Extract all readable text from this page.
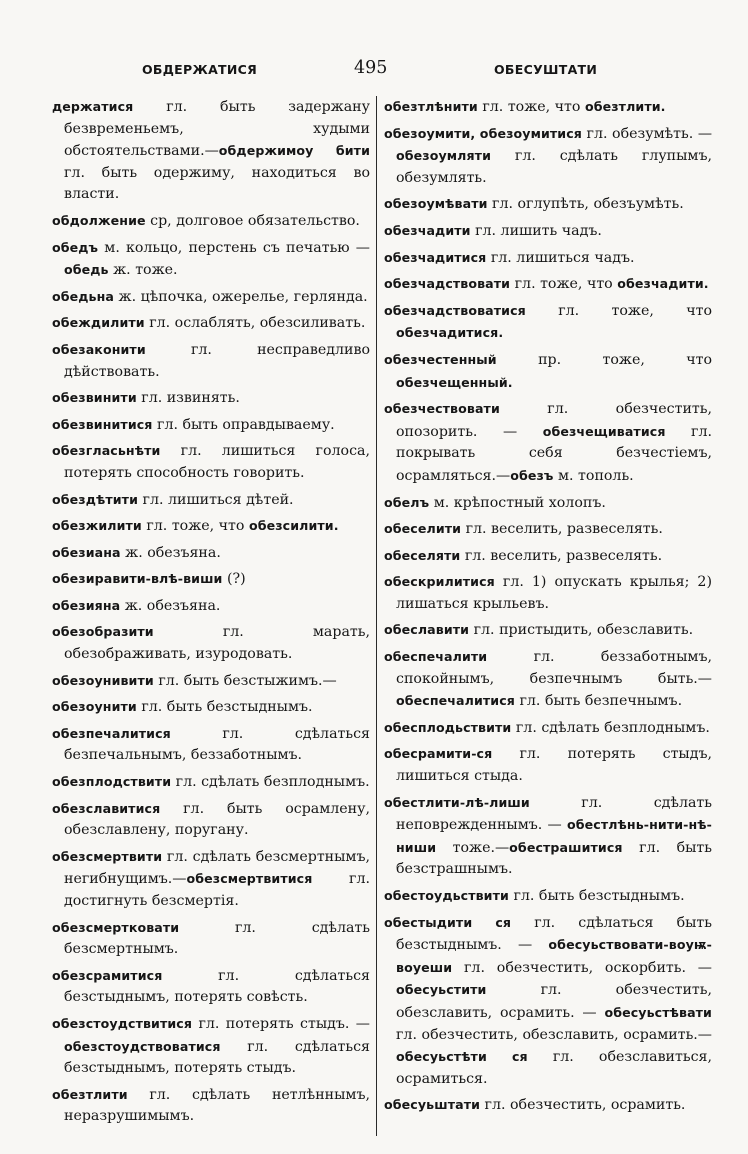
ОБДЕРЖАТИСЯ	495	ОБЕСУШТАТИ

держатися гл. быть задержану безвременьемъ, худыми обстоятельствами.—обдержимоу бити гл. быть одержиму, находиться во власти.

обдолжение ср, долговое обязательство.

обедъ м. кольцо, перстень съ печатью —обедь ж. тоже.

обедьна ж. цѣпочка, ожерелье, герлянда.

обеждилити гл. ослаблять, обезсиливать.

обезаконити гл. несправедливо дѣйствовать.

обезвинити гл. извинять.

обезвинитися гл. быть оправдываему.

обезгласьнѣти гл. лишиться голоса, потерять способность говорить.

обездѣтити гл. лишиться дѣтей.

обезжилити гл. тоже, что обезсилити.

обезиана ж. обезъяна.

обезиравити-влѣ-виши (?)

обезияна ж. обезъяна.

обезобразити гл. марать, обезображивать, изуродовать.

обезоунивити гл. быть безстыжимъ.—

обезоунити гл. быть безстыднымъ.

обезпечалитися гл. сдѣлаться безпечальнымъ, беззаботнымъ.

обезплодствити гл. сдѣлать безплоднымъ.

обезславитися гл. быть осрамлену, обезславлену, поругану.

обезсмертвити гл. сдѣлать безсмертнымъ, негибнущимъ.—обезсмертвитися гл. достигнуть безсмертія.

обезсмертковати гл. сдѣлать безсмертнымъ.

обезсрамитися гл. сдѣлаться безстыднымъ, потерять совѣсть.

обезстоудствитися гл. потерять стыдъ. — обезстоудствоватися гл. сдѣлаться безстыднымъ, потерять стыдъ.

обезтлити гл. сдѣлать нетлѣннымъ, неразрушимымъ.

обезтлѣнити гл. тоже, что обезтлити.

обезоумити, обезоумитися гл. обезумѣть. — обезоумляти гл. сдѣлать глупымъ, обезумлять.

обезоумѣвати гл. оглупѣть, обезъумѣть.

обезчадити гл. лишить чадъ.

обезчадитися гл. лишиться чадъ.

обезчадствовати гл. тоже, что обезчадити.

обезчадствоватися гл. тоже, что обезчадитися.

обезчестенный пр. тоже, что обезчещенный.

обезчествовати гл. обезчестить, опозорить. — обезчещиватися гл. покрывать себя безчестіемъ, осрамляться.—обезъ м. тополь.

обелъ м. крѣпостный холопъ.

обеселити гл. веселить, развеселять.

обеселяти гл. веселить, развеселять.

обескрилитися гл. 1) опускать крылья; 2) лишаться крыльевъ.

обеславити гл. пристыдить, обезславить.

обеспечалити гл. беззаботнымъ, спокойнымъ, безпечнымъ быть.—обеспечалитися гл. быть безпечнымъ.

обесплодьствити гл. сдѣлать безплоднымъ.

обесрамити-ся гл. потерять стыдъ, лишиться стыда.

обестлити-лѣ-лиши гл. сдѣлать неповрежденнымъ. — обестлѣнь-нити-нѣ-ниши тоже.—обестрашитися гл. быть безстрашнымъ.

обестоудьствити гл. быть безстыднымъ.

обестыдити ся гл. сдѣлаться быть безстыднымъ. — обесуьствовати-воуѭ-воуеши гл. обезчестить, оскорбить. — обесуьстити гл. обезчестить, обезславить, осрамить. — обесуьстѣвати гл. обезчестить, обезславить, осрамить.—обесуьстѣти ся гл. обезславиться, осрамиться.

обесуьштати гл. обезчестить, осрамить.
